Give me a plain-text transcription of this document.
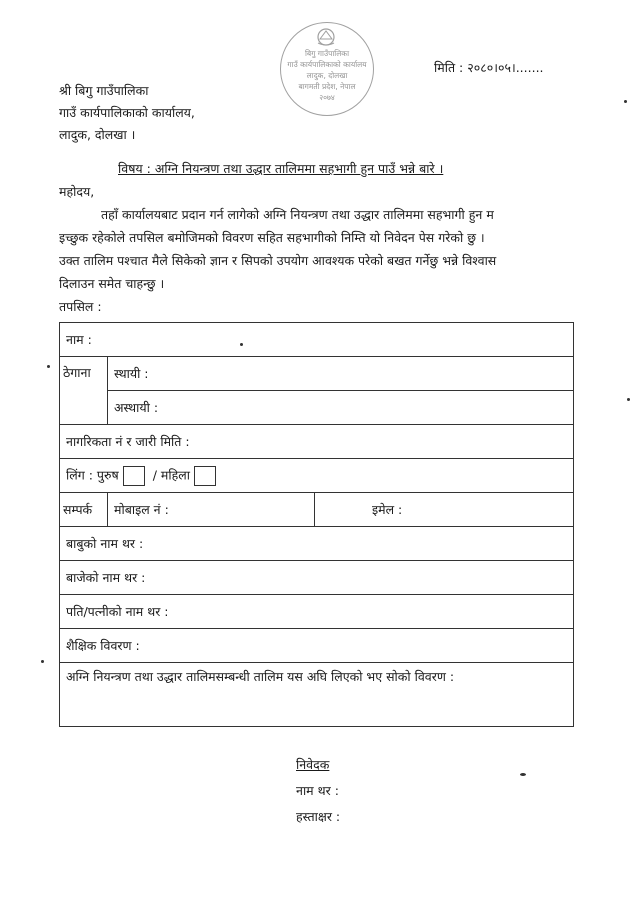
बिगु गाउँपालिका
गाउँ कार्यपालिकाको कार्यालय
लादुक, दोलखा
बागमती प्रदेश, नेपाल
२०७४
मिति : २०८०।०५।.......
श्री बिगु गाउँपालिका
गाउँ कार्यपालिकाको कार्यालय,
लादुक, दोलखा ।
विषय : अग्नि नियन्त्रण तथा उद्धार तालिममा सहभागी हुन पाउँ भन्ने बारे ।
महोदय,
तहाँ कार्यालयबाट प्रदान गर्न लागेको अग्नि नियन्त्रण तथा उद्धार तालिममा सहभागी हुन म
इच्छुक रहेकोले तपसिल बमोजिमको विवरण सहित सहभागीको निम्ति यो निवेदन पेस गरेको छु ।
उक्त तालिम पश्चात मैले सिकेको ज्ञान र सिपको उपयोग आवश्यक परेको बखत गर्नेछु भन्ने विश्वास
दिलाउन समेत चाहन्छु ।
तपसिल :
नाम :	
ठेगाना	स्थायी :
	अस्थायी :
नागरिकता नं र जारी मिति :	
लिंग : पुरुष / महिला	
सम्पर्क	मोबाइल नं : इमेल :

बाबुको नाम थर :	
बाजेको नाम थर :	
पति/पत्नीको नाम थर :	
शैक्षिक विवरण :	
अग्नि नियन्त्रण तथा उद्धार तालिमसम्बन्धी तालिम यस अघि लिएको भए सोको विवरण :	
निवेदक
नाम थर :
हस्ताक्षर :
